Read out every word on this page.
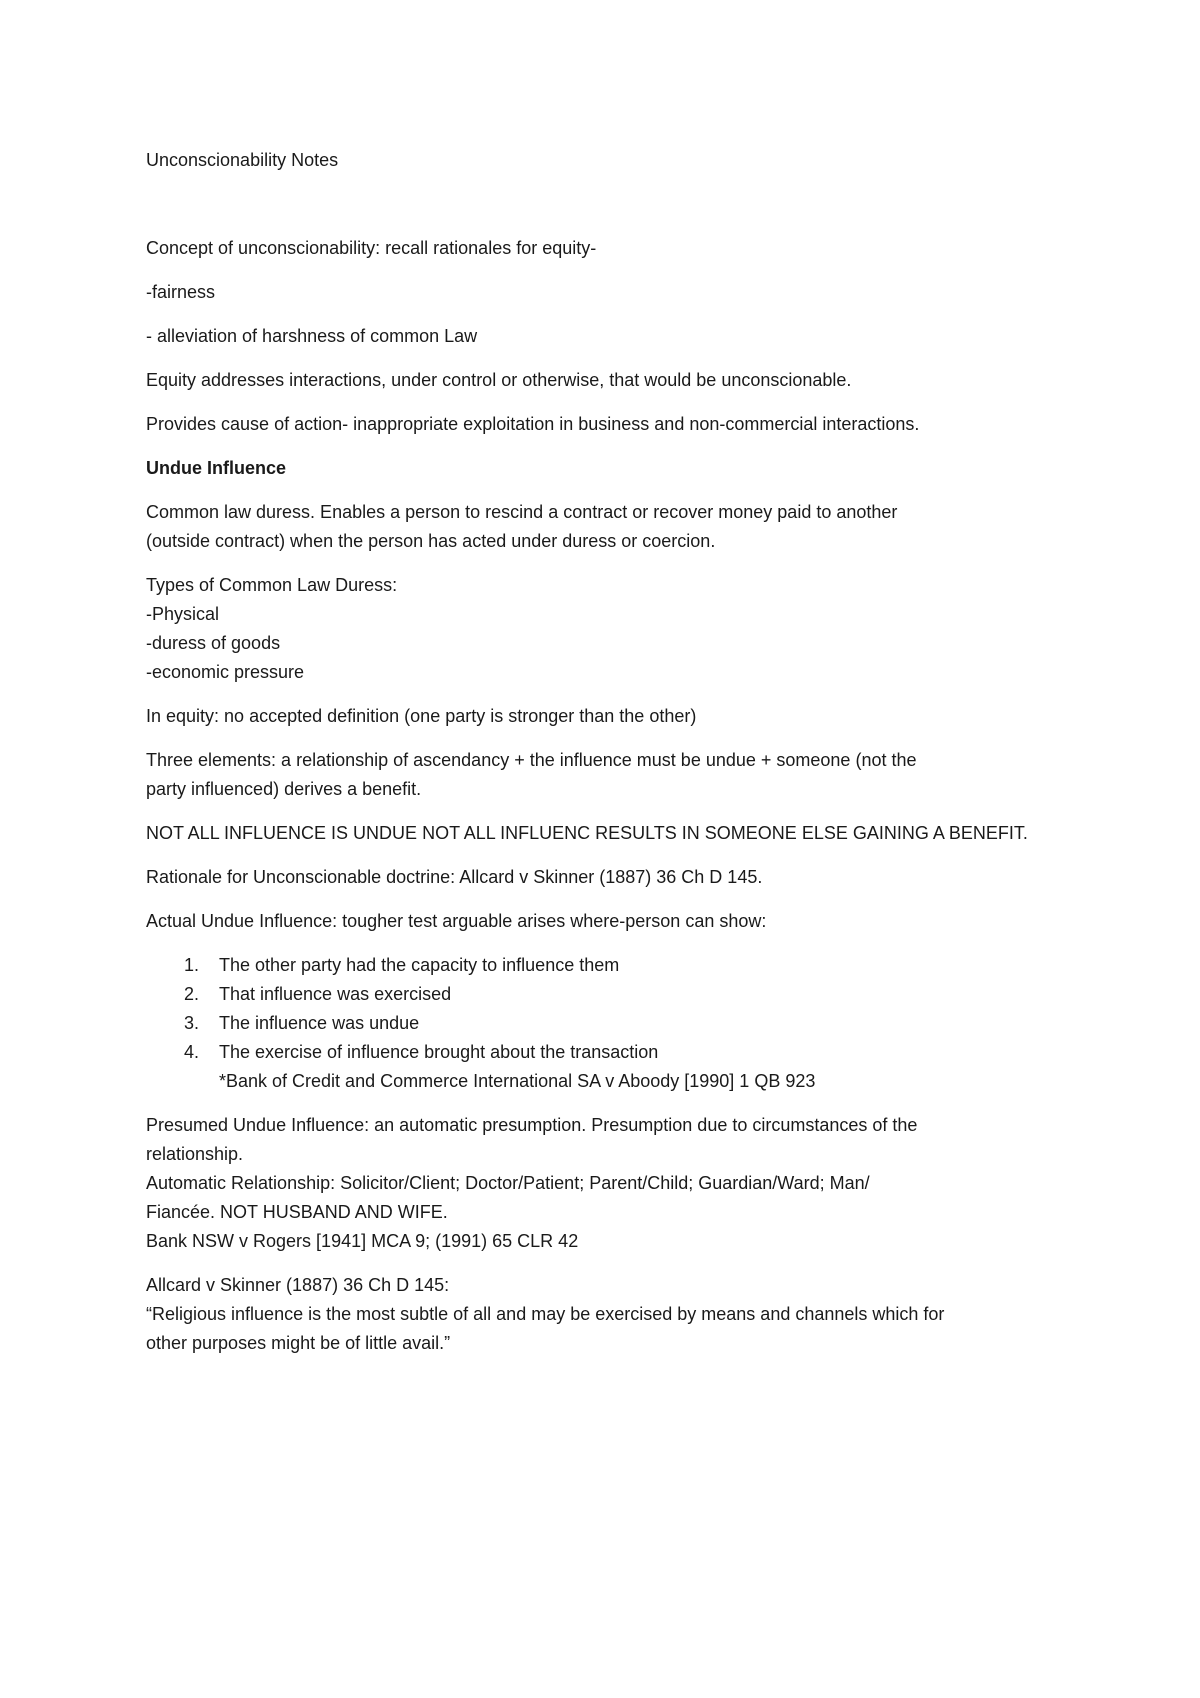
Unconscionability Notes
Concept of unconscionability: recall rationales for equity-
-fairness
- alleviation of harshness of common Law
Equity addresses interactions, under control or otherwise, that would be unconscionable.
Provides cause of action- inappropriate exploitation in business and non-commercial interactions.
Undue Influence
Common law duress. Enables a person to rescind a contract or recover money paid to another
(outside contract) when the person has acted under duress or coercion.
Types of Common Law Duress:
-Physical
-duress of goods
-economic pressure
In equity: no accepted definition (one party is stronger than the other)
Three elements: a relationship of ascendancy + the influence must be undue + someone (not the
party influenced) derives a benefit.
NOT ALL INFLUENCE IS UNDUE NOT ALL INFLUENC RESULTS IN SOMEONE ELSE GAINING A BENEFIT.
Rationale for Unconscionable doctrine: Allcard v Skinner (1887) 36 Ch D 145.
Actual Undue Influence: tougher test arguable arises where-person can show:
1. The other party had the capacity to influence them
2. That influence was exercised
3. The influence was undue
4. The exercise of influence brought about the transaction
*Bank of Credit and Commerce International SA v Aboody [1990] 1 QB 923
Presumed Undue Influence: an automatic presumption. Presumption due to circumstances of the
relationship.
Automatic Relationship: Solicitor/Client; Doctor/Patient; Parent/Child; Guardian/Ward; Man/
Fiancée. NOT HUSBAND AND WIFE.
Bank NSW v Rogers [1941] MCA 9; (1991) 65 CLR 42
Allcard v Skinner (1887) 36 Ch D 145:
“Religious influence is the most subtle of all and may be exercised by means and channels which for
other purposes might be of little avail.”
